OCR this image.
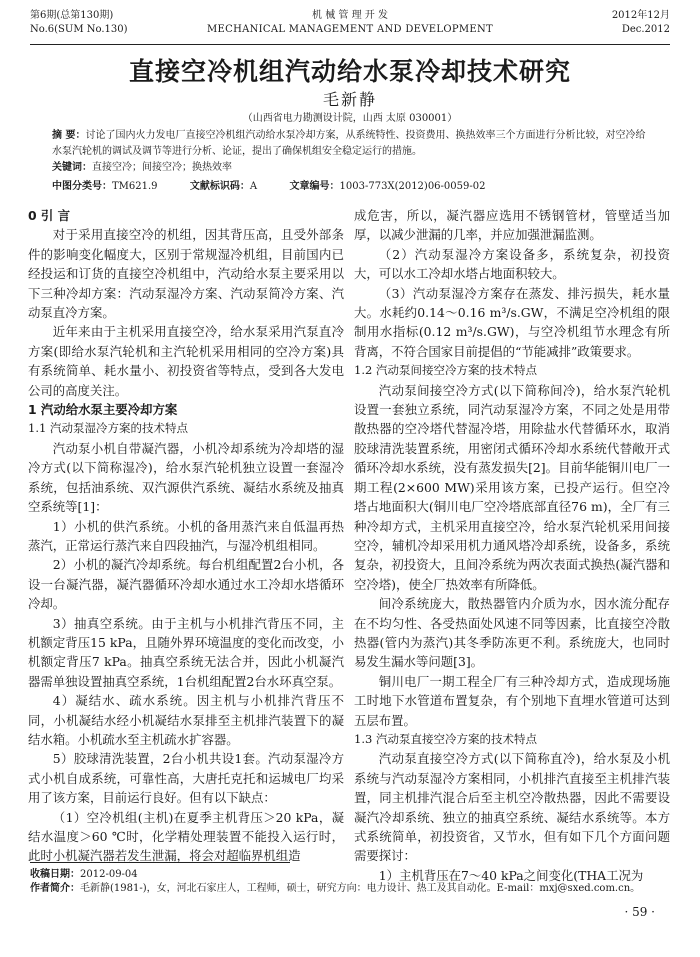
第6期(总第130期)
No.6(SUM No.130)
机 械 管 理 开 发
MECHANICAL MANAGEMENT AND DEVELOPMENT
2012年12月
Dec.2012
直接空冷机组汽动给水泵冷却技术研究
毛新静
（山西省电力勘测设计院，山西 太原 030001）
摘 要：讨论了国内火力发电厂直接空冷机组汽动给水泵冷却方案，从系统特性、投资费用、换热效率三个方面进行分析比较，对空冷给水泵汽轮机的调试及调节等进行分析、论证，提出了确保机组安全稳定运行的措施。
关键词：直接空冷；间接空冷；换热效率
中图分类号：TM621.9	文献标识码：A	文章编号：1003-773X(2012)06-0059-02

0 引 言

对于采用直接空冷的机组，因其背压高，且受外部条件的影响变化幅度大，区别于常规湿冷机组，目前国内已经投运和订货的直接空冷机组中，汽动给水泵主要采用以下三种冷却方案：汽动泵湿冷方案、汽动泵简冷方案、汽动泵直冷方案。

近年来由于主机采用直接空冷，给水泵采用汽泵直冷方案(即给水泵汽轮机和主汽轮机采用相同的空冷方案)具有系统简单、耗水量小、初投资省等特点，受到各大发电公司的高度关注。

1 汽动给水泵主要冷却方案

1.1 汽动泵湿冷方案的技术特点

汽动泵小机自带凝汽器，小机冷却系统为冷却塔的湿冷方式(以下简称湿冷)，给水泵汽轮机独立设置一套湿冷系统，包括油系统、双汽源供汽系统、凝结水系统及抽真空系统等[1]：

1）小机的供汽系统。小机的备用蒸汽来自低温再热蒸汽，正常运行蒸汽来自四段抽汽，与湿冷机组相同。

2）小机的凝汽冷却系统。每台机组配置2台小机，各设一台凝汽器，凝汽器循环冷却水通过水工冷却水塔循环冷却。

3）抽真空系统。由于主机与小机排汽背压不同，主机额定背压15 kPa，且随外界环境温度的变化而改变，小机额定背压7 kPa。抽真空系统无法合并，因此小机凝汽器需单独设置抽真空系统，1台机组配置2台水环真空泵。

4）凝结水、疏水系统。因主机与小机排汽背压不同，小机凝结水经小机凝结水泵排至主机排汽装置下的凝结水箱。小机疏水至主机疏水扩容器。

5）胶球清洗装置，2台小机共设1套。汽动泵湿冷方式小机自成系统，可靠性高，大唐托克托和运城电厂均采用了该方案，目前运行良好。但有以下缺点：

（1）空冷机组(主机)在夏季主机背压＞20 kPa，凝结水温度＞60 ℃时，化学精处理装置不能投入运行时，此时小机凝汽器若发生泄漏，将会对超临界机组造

成危害，所以，凝汽器应选用不锈钢管材，管壁适当加厚，以减少泄漏的几率，并应加强泄漏监测。

（2）汽动泵湿冷方案设备多，系统复杂，初投资大，可以水工冷却水塔占地面积较大。

（3）汽动泵湿冷方案存在蒸发、排污损失，耗水量大。水耗约0.14～0.16 m³/s.GW，不满足空冷机组的限制用水指标(0.12 m³/s.GW)，与空冷机组节水理念有所背离，不符合国家目前提倡的“节能减排”政策要求。

1.2 汽动泵间接空冷方案的技术特点

汽动泵间接空冷方式(以下简称间冷)，给水泵汽轮机设置一套独立系统，同汽动泵湿冷方案，不同之处是用带散热器的空冷塔代替湿冷塔，用除盐水代替循环水，取消胶球清洗装置系统，用密闭式循环冷却水系统代替敞开式循环冷却水系统，没有蒸发损失[2]。目前华能铜川电厂一期工程(2×600 MW)采用该方案，已投产运行。但空冷塔占地面积大(铜川电厂空冷塔底部直径76 m)，全厂有三种冷却方式，主机采用直接空冷，给水泵汽轮机采用间接空冷，辅机冷却采用机力通风塔冷却系统，设备多，系统复杂，初投资大，且间冷系统为两次表面式换热(凝汽器和空冷塔)，使全厂热效率有所降低。

间冷系统庞大，散热器管内介质为水，因水流分配存在不均匀性、各受热面处风速不同等因素，比直接空冷散热器(管内为蒸汽)其冬季防冻更不利。系统庞大，也同时易发生漏水等问题[3]。

铜川电厂一期工程全厂有三种冷却方式，造成现场施工时地下水管道布置复杂，有个别地下直埋水管道可达到五层布置。

1.3 汽动泵直接空冷方案的技术特点

汽动泵直接空冷方式(以下简称直冷)，给水泵及小机系统与汽动泵湿冷方案相同，小机排汽直接至主机排汽装置，同主机排汽混合后至主机空冷散热器，因此不需要设凝汽冷却系统、独立的抽真空系统、凝结水系统等。本方式系统简单，初投资省，又节水，但有如下几个方面问题需要探讨：

1）主机背压在7～40 kPa之间变化(THA工况为

收稿日期：2012-09-04
作者简介：毛新静(1981-)，女，河北石家庄人，工程师，硕士，研究方向：电力设计、热工及其自动化。E-mail：mxj@sxed.com.cn。
· 59 ·
